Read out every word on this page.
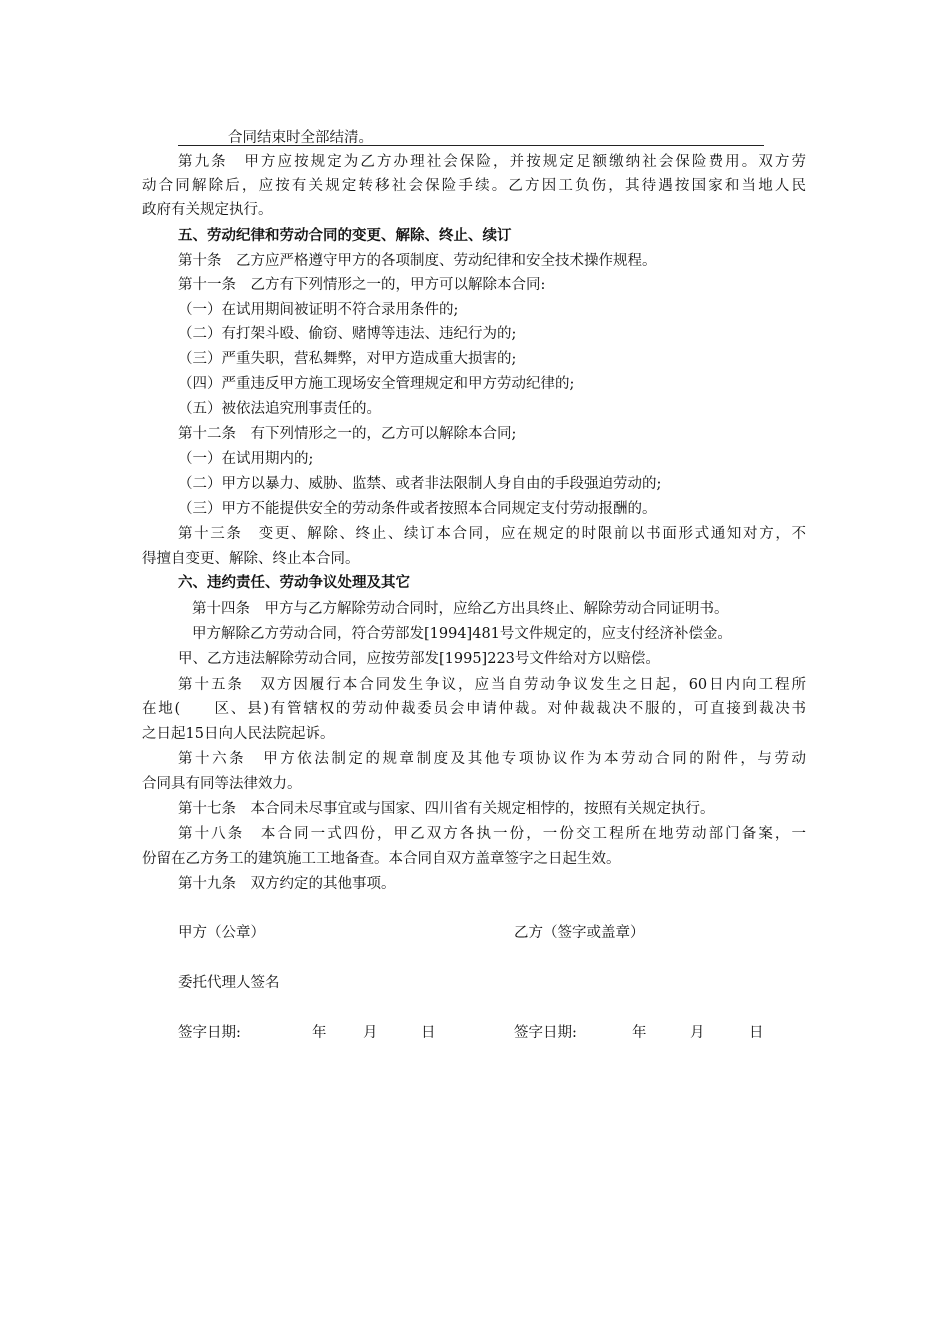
合同结束时全部结清。
第九条　甲方应按规定为乙方办理社会保险，并按规定足额缴纳社会保险费用。双方劳
动合同解除后，应按有关规定转移社会保险手续。乙方因工负伤，其待遇按国家和当地人民
政府有关规定执行。
五、劳动纪律和劳动合同的变更、解除、终止、续订
第十条　乙方应严格遵守甲方的各项制度、劳动纪律和安全技术操作规程。
第十一条　乙方有下列情形之一的，甲方可以解除本合同:
（一）在试用期间被证明不符合录用条件的;
（二）有打架斗殴、偷窃、赌博等违法、违纪行为的;
（三）严重失职，营私舞弊，对甲方造成重大损害的;
（四）严重违反甲方施工现场安全管理规定和甲方劳动纪律的;
（五）被依法追究刑事责任的。
第十二条　有下列情形之一的，乙方可以解除本合同;
（一）在试用期内的;
（二）甲方以暴力、威胁、监禁、或者非法限制人身自由的手段强迫劳动的;
（三）甲方不能提供安全的劳动条件或者按照本合同规定支付劳动报酬的。
第十三条　变更、解除、终止、续订本合同，应在规定的时限前以书面形式通知对方，不
得擅自变更、解除、终止本合同。
六、违约责任、劳动争议处理及其它
第十四条　甲方与乙方解除劳动合同时，应给乙方出具终止、解除劳动合同证明书。
甲方解除乙方劳动合同，符合劳部发[1994]481号文件规定的，应支付经济补偿金。
甲、乙方违法解除劳动合同，应按劳部发[1995]223号文件给对方以赔偿。
第十五条　双方因履行本合同发生争议，应当自劳动争议发生之日起，60日内向工程所
在地(　　区、县)有管辖权的劳动仲裁委员会申请仲裁。对仲裁裁决不服的，可直接到裁决书
之日起15日向人民法院起诉。
第十六条　甲方依法制定的规章制度及其他专项协议作为本劳动合同的附件，与劳动
合同具有同等法律效力。
第十七条　本合同未尽事宜或与国家、四川省有关规定相悖的，按照有关规定执行。
第十八条　本合同一式四份，甲乙双方各执一份，一份交工程所在地劳动部门备案，一
份留在乙方务工的建筑施工工地备查。本合同自双方盖章签字之日起生效。
第十九条　双方约定的其他事项。
甲方（公章）	乙方（签字或盖章）
委托代理人签名
签字日期:	年	月	日	签字日期:	年	月	日
